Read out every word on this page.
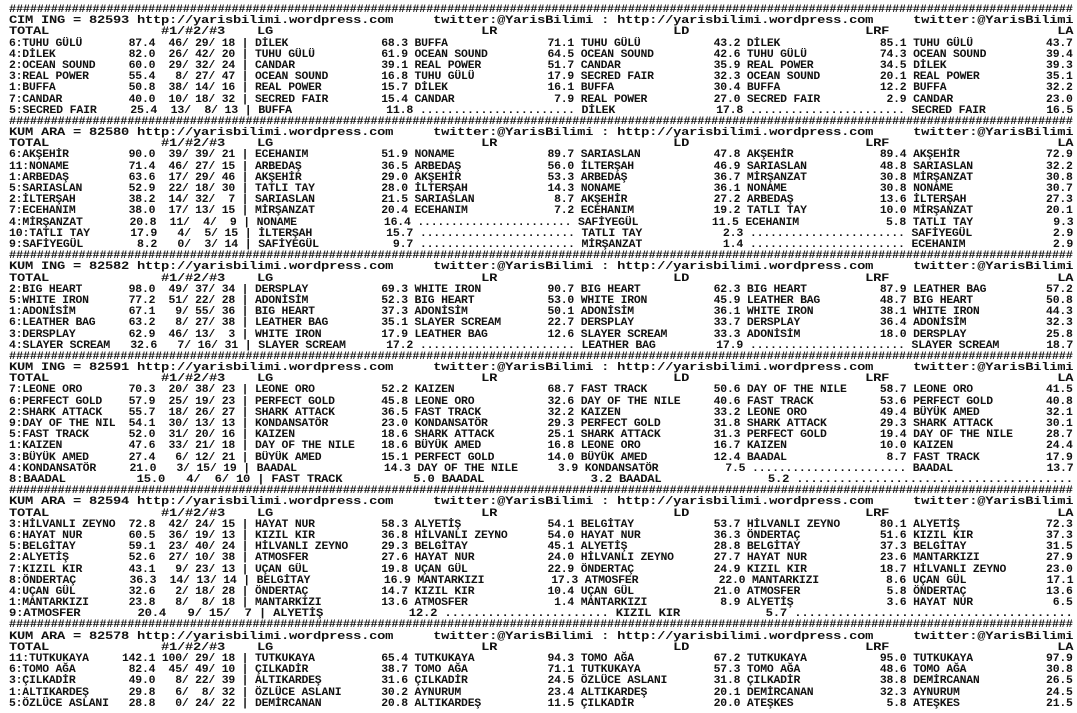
#########################################################################################################################################################
CIM ING = 82593 http://yarisbilimi.wordpress.com     twitter:@YarisBilimi : http://yarisbilimi.wordpress.com     twitter:@YarisBilimi
TOTAL              #1/#2/#3    LG                          LR                      LD                      LRF                     LA
6:TUHU GÜLÜ       87.4  46/ 29/ 18 | DİLEK              68.3 BUFFA               71.1 TUHU GÜLÜ           43.2 DİLEK               85.1 TUHU GÜLÜ           43.7
4:DİLEK           82.0  26/ 42/ 20 | TUHU GÜLÜ          61.9 OCEAN SOUND         64.5 OCEAN SOUND         42.6 TUHU GÜLÜ           74.3 OCEAN SOUND         39.4
2:OCEAN SOUND     60.0  29/ 32/ 24 | CANDAR             39.1 REAL POWER          51.7 CANDAR              35.9 REAL POWER          34.5 DİLEK               39.3
3:REAL POWER      55.4   8/ 27/ 47 | OCEAN SOUND        16.8 TUHU GÜLÜ           17.9 SECRED FAIR         32.3 OCEAN SOUND         20.1 REAL POWER          35.1
1:BUFFA           50.8  38/ 14/ 16 | REAL POWER         15.7 DİLEK               16.1 BUFFA               30.4 BUFFA               12.2 BUFFA               32.2
7:CANDAR          40.0  10/ 18/ 32 | SECRED FAIR        15.4 CANDAR               7.9 REAL POWER          27.0 SECRED FAIR          2.9 CANDAR              23.0
5:SECRED FAIR     25.4  13/  8/ 13 | BUFFA              11.8 ....................... DİLEK               17.8 ....................... SECRED FAIR         16.5
#########################################################################################################################################################
KUM ARA = 82580 http://yarisbilimi.wordpress.com     twitter:@YarisBilimi : http://yarisbilimi.wordpress.com     twitter:@YarisBilimi
TOTAL              #1/#2/#3    LG                          LR                      LD                      LRF                     LA
6:AKŞEHİR         90.0  39/ 39/ 21 | ECEHANIM           51.9 NONAME              89.7 SARIASLAN           47.8 AKŞEHİR             89.4 AKŞEHİR             72.9
11:NONAME         71.4  46/ 27/ 15 | ARBEDAŞ            36.5 ARBEDAŞ             56.0 İLTERŞAH            46.9 SARIASLAN           48.8 SARIASLAN           32.2
1:ARBEDAŞ         63.6  17/ 29/ 46 | AKŞEHİR            29.0 AKŞEHİR             53.3 ARBEDAŞ             36.7 MİRŞANZAT           30.8 MİRŞANZAT           30.8
5:SARIASLAN       52.9  22/ 18/ 30 | TATLI TAY          28.0 İLTERŞAH            14.3 NONAME              36.1 NONAME              30.8 NONAME              30.7
2:İLTERŞAH        38.2  14/ 32/  7 | SARIASLAN          21.5 SARIASLAN            8.7 AKŞEHİR             27.2 ARBEDAŞ             13.6 İLTERŞAH            27.3
7:ECEHANIM        38.0  17/ 13/ 15 | MİRŞANZAT          20.4 ECEHANIM             7.2 ECEHANIM            19.2 TATLI TAY           10.0 MİRŞANZAT           20.1
4:MİRŞANZAT       20.8  11/  4/  9 | NONAME             16.4 ....................... SAFİYEGÜL           11.5 ECEHANIM             5.8 TATLI TAY            9.3
10:TATLI TAY      17.9   4/  5/ 15 | İLTERŞAH           15.7 ....................... TATLI TAY            2.3 ....................... SAFİYEGÜL            2.9
9:SAFİYEGÜL        8.2   0/  3/ 14 | SAFİYEGÜL           9.7 ....................... MİRŞANZAT            1.4 ....................... ECEHANIM             2.9
#########################################################################################################################################################
KUM ING = 82582 http://yarisbilimi.wordpress.com     twitter:@YarisBilimi : http://yarisbilimi.wordpress.com     twitter:@YarisBilimi
TOTAL              #1/#2/#3    LG                          LR                      LD                      LRF                     LA
2:BIG HEART       98.0  49/ 37/ 34 | DERSPLAY           69.3 WHITE IRON          90.7 BIG HEART           62.3 BIG HEART           87.9 LEATHER BAG         57.2
5:WHITE IRON      77.2  51/ 22/ 28 | ADONİSİM           52.3 BIG HEART           53.0 WHITE IRON          45.9 LEATHER BAG         48.7 BIG HEART           50.8
1:ADONİSİM        67.1   9/ 55/ 36 | BIG HEART          37.3 ADONİSİM            50.1 ADONİSİM            36.1 WHITE IRON          38.1 WHITE IRON          44.3
6:LEATHER BAG     63.2   8/ 27/ 38 | LEATHER BAG        35.1 SLAYER SCREAM       22.7 DERSPLAY            33.7 DERSPLAY            36.4 ADONİSİM            32.3
3:DERSPLAY        62.9  46/ 13/  3 | WHITE IRON         17.9 LEATHER BAG         12.6 SLAYER SCREAM       33.3 ADONİSİM            18.0 DERSPLAY            25.8
4:SLAYER SCREAM   32.6   7/ 16/ 31 | SLAYER SCREAM      17.2 ....................... LEATHER BAG         17.9 ....................... SLAYER SCREAM       18.7
#########################################################################################################################################################
KUM ING = 82591 http://yarisbilimi.wordpress.com     twitter:@YarisBilimi : http://yarisbilimi.wordpress.com     twitter:@YarisBilimi
TOTAL              #1/#2/#3    LG                          LR                      LD                      LRF                     LA
7:LEONE ORO       70.3  20/ 38/ 23 | LEONE ORO          52.2 KAIZEN              68.7 FAST TRACK          50.6 DAY OF THE NILE     58.7 LEONE ORO           41.5
6:PERFECT GOLD    57.9  25/ 19/ 23 | PERFECT GOLD       45.8 LEONE ORO           32.6 DAY OF THE NILE     40.6 FAST TRACK          53.6 PERFECT GOLD        40.8
2:SHARK ATTACK    55.7  18/ 26/ 27 | SHARK ATTACK       36.5 FAST TRACK          32.2 KAIZEN              33.2 LEONE ORO           49.4 BÜYÜK AMED          32.1
9:DAY OF THE NIL  54.1  30/ 13/ 13 | KONDANSATÖR        23.0 KONDANSATÖR         29.3 PERFECT GOLD        31.8 SHARK ATTACK        29.3 SHARK ATTACK        30.1
5:FAST TRACK      52.0  31/ 20/ 16 | KAIZEN             18.6 SHARK ATTACK        25.1 SHARK ATTACK        31.3 PERFECT GOLD        19.4 DAY OF THE NILE     28.7
1:KAIZEN          47.6  33/ 21/ 18 | DAY OF THE NILE    18.6 BÜYÜK AMED          16.8 LEONE ORO           16.7 KAIZEN              10.0 KAIZEN              24.4
3:BÜYÜK AMED      27.4   6/ 12/ 21 | BÜYÜK AMED         15.1 PERFECT GOLD        14.0 BÜYÜK AMED          12.4 BAADAL               8.7 FAST TRACK          17.9
4:KONDANSATÖR     21.0   3/ 15/ 19 | BAADAL             14.3 DAY OF THE NILE      3.9 KONDANSATÖR          7.5 ....................... BAADAL              13.7
8:BAADAL          15.0   4/  6/ 10 | FAST TRACK          5.0 BAADAL               3.2 BAADAL               5.2 .......................................
#########################################################################################################################################################
KUM ARA = 82594 http://yarisbilimi.wordpress.com     twitter:@YarisBilimi : http://yarisbilimi.wordpress.com     twitter:@YarisBilimi
TOTAL              #1/#2/#3    LG                          LR                      LD                      LRF                     LA
3:HİLVANLI ZEYNO  72.8  42/ 24/ 15 | HAYAT NUR          58.3 ALYETİŞ             54.1 BELGİTAY            53.7 HİLVANLI ZEYNO      80.1 ALYETİŞ             72.3
6:HAYAT NUR       60.5  36/ 19/ 13 | KIZIL KIR          36.8 HİLVANLI ZEYNO      54.0 HAYAT NUR           36.3 ÖNDERTAÇ            51.6 KIZIL KIR           37.3
5:BELGİTAY        59.1  23/ 40/ 24 | HİLVANLI ZEYNO     29.3 BELGİTAY            45.1 ALYETİŞ             28.8 BELGİTAY            37.3 BELGİTAY            31.5
2:ALYETİŞ         52.6  27/ 10/ 38 | ATMOSFER           27.6 HAYAT NUR           24.0 HİLVANLI ZEYNO      27.7 HAYAT NUR           23.6 MANTARKIZI          27.9
7:KIZIL KIR       43.1   9/ 23/ 13 | UÇAN GÜL           19.8 UÇAN GÜL            22.9 ÖNDERTAÇ            24.9 KIZIL KIR           18.7 HİLVANLI ZEYNO      23.0
8:ÖNDERTAÇ        36.3  14/ 13/ 14 | BELGİTAY           16.9 MANTARKIZI          17.3 ATMOSFER            22.0 MANTARKIZI          8.6 UÇAN GÜL            17.1
4:UÇAN GÜL        32.6   2/ 18/ 28 | ÖNDERTAÇ           14.7 KIZIL KIR           10.4 UÇAN GÜL            21.0 ATMOSFER             5.8 ÖNDERTAÇ            13.6
1:MANTARKIZI      23.8   8/  8/ 18 | MANTARKIZI         13.6 ATMOSFER             1.4 MANTARKIZI           8.9 ALYETİŞ              3.6 HAYAT NUR            6.5
9:ATMOSFER        20.4   9/ 15/  7 | ALYETİŞ            12.2 ....................... KIZIL KIR            5.7 .......................................
#########################################################################################################################################################
KUM ARA = 82578 http://yarisbilimi.wordpress.com     twitter:@YarisBilimi : http://yarisbilimi.wordpress.com     twitter:@YarisBilimi
TOTAL              #1/#2/#3    LG                          LR                      LD                      LRF                     LA
11:TUTKUKAYA     142.1 100/ 29/ 18 | TUTKUKAYA          65.4 TUTKUKAYA           94.3 TOMO AĞA            67.2 TUTKUKAYA           95.0 TUTKUKAYA           97.9
6:TOMO AĞA        82.4  45/ 49/ 10 | ÇILKADİR           38.7 TOMO AĞA            71.1 TUTKUKAYA           57.3 TOMO AĞA            48.6 TOMO AĞA            30.8
3:ÇILKADİR        49.0   8/ 22/ 39 | ALTIKARDEŞ         31.6 ÇILKADİR            24.5 ÖZLÜCE ASLANI       31.8 ÇILKADİR            38.8 DEMİRCANAN          26.5
1:ALTIKARDEŞ      29.8   6/  8/ 32 | ÖZLÜCE ASLANI      30.2 AYNURUM             23.4 ALTIKARDEŞ          20.1 DEMİRCANAN          32.3 AYNURUM             24.5
5:ÖZLÜCE ASLANI   28.8   0/ 24/ 22 | DEMİRCANAN         20.8 ALTIKARDEŞ          11.5 ÇILKADİR            20.0 ATEŞKES              5.8 ATEŞKES             21.5
